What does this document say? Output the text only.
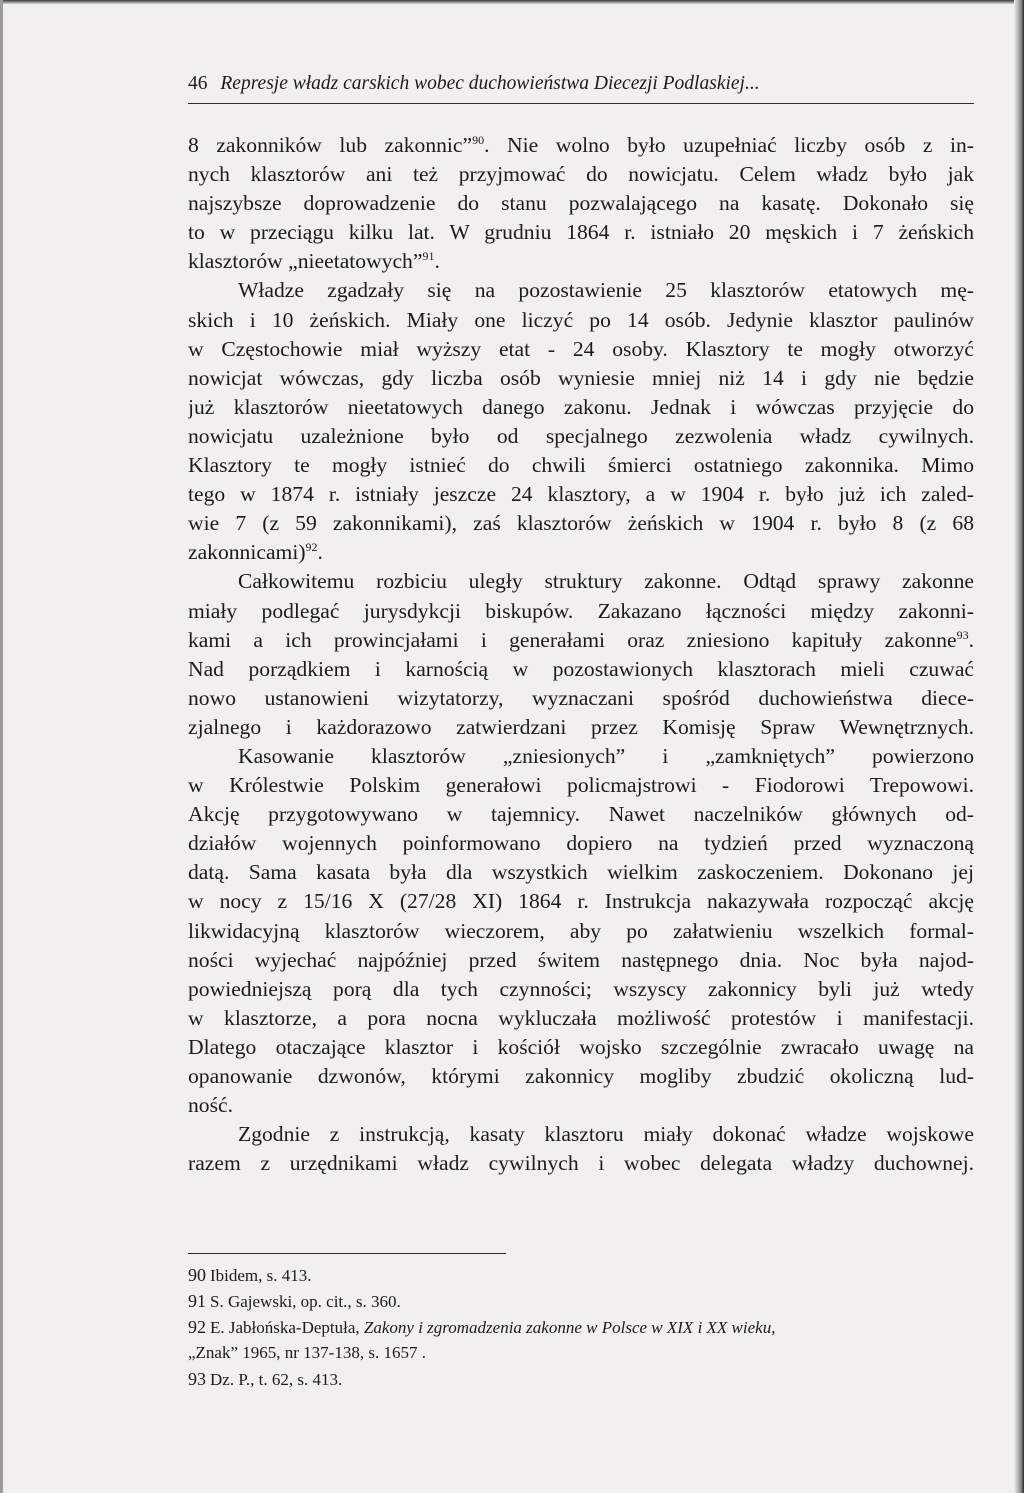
46 Represje władz carskich wobec duchowieństwa Diecezji Podlaskiej...
8 zakonników lub zakonnic”$^{90}$. Nie wolno było uzupełniać liczby osób z in-
nych klasztorów ani też przyjmować do nowicjatu. Celem władz było jak
najszybsze doprowadzenie do stanu pozwalającego na kasatę. Dokonało się
to w przeciągu kilku lat. W grudniu 1864 r. istniało 20 męskich i 7 żeńskich
klasztorów „nieetatowych”$^{91}$.
Władze zgadzały się na pozostawienie 25 klasztorów etatowych mę-
skich i 10 żeńskich. Miały one liczyć po 14 osób. Jedynie klasztor paulinów
w Częstochowie miał wyższy etat - 24 osoby. Klasztory te mogły otworzyć
nowicjat wówczas, gdy liczba osób wyniesie mniej niż 14 i gdy nie będzie
już klasztorów nieetatowych danego zakonu. Jednak i wówczas przyjęcie do
nowicjatu uzależnione było od specjalnego zezwolenia władz cywilnych.
Klasztory te mogły istnieć do chwili śmierci ostatniego zakonnika. Mimo
tego w 1874 r. istniały jeszcze 24 klasztory, a w 1904 r. było już ich zaled-
wie 7 (z 59 zakonnikami), zaś klasztorów żeńskich w 1904 r. było 8 (z 68
zakonnicami)$^{92}$.
Całkowitemu rozbiciu uległy struktury zakonne. Odtąd sprawy zakonne
miały podlegać jurysdykcji biskupów. Zakazano łączności między zakonni-
kami a ich prowincjałami i generałami oraz zniesiono kapituły zakonne$^{93}$.
Nad porządkiem i karnością w pozostawionych klasztorach mieli czuwać
nowo ustanowieni wizytatorzy, wyznaczani spośród duchowieństwa diece-
zjalnego i każdorazowo zatwierdzani przez Komisję Spraw Wewnętrznych.
Kasowanie klasztorów „zniesionych” i „zamkniętych” powierzono
w Królestwie Polskim generałowi policmajstrowi - Fiodorowi Trepowowi.
Akcję przygotowywano w tajemnicy. Nawet naczelników głównych od-
działów wojennych poinformowano dopiero na tydzień przed wyznaczoną
datą. Sama kasata była dla wszystkich wielkim zaskoczeniem. Dokonano jej
w nocy z 15/16 X (27/28 XI) 1864 r. Instrukcja nakazywała rozpocząć akcję
likwidacyjną klasztorów wieczorem, aby po załatwieniu wszelkich formal-
ności wyjechać najpóźniej przed świtem następnego dnia. Noc była najod-
powiedniejszą porą dla tych czynności; wszyscy zakonnicy byli już wtedy
w klasztorze, a pora nocna wykluczała możliwość protestów i manifestacji.
Dlatego otaczające klasztor i kościół wojsko szczególnie zwracało uwagę na
opanowanie dzwonów, którymi zakonnicy mogliby zbudzić okoliczną lud-
ność.
Zgodnie z instrukcją, kasaty klasztoru miały dokonać władze wojskowe
razem z urzędnikami władz cywilnych i wobec delegata władzy duchownej.
90 Ibidem, s. 413.
91 S. Gajewski, op. cit., s. 360.
92 E. Jabłońska-Deptuła, Zakony i zgromadzenia zakonne w Polsce w XIX i XX wieku,
„Znak” 1965, nr 137-138, s. 1657 .
93 Dz. P., t. 62, s. 413.
